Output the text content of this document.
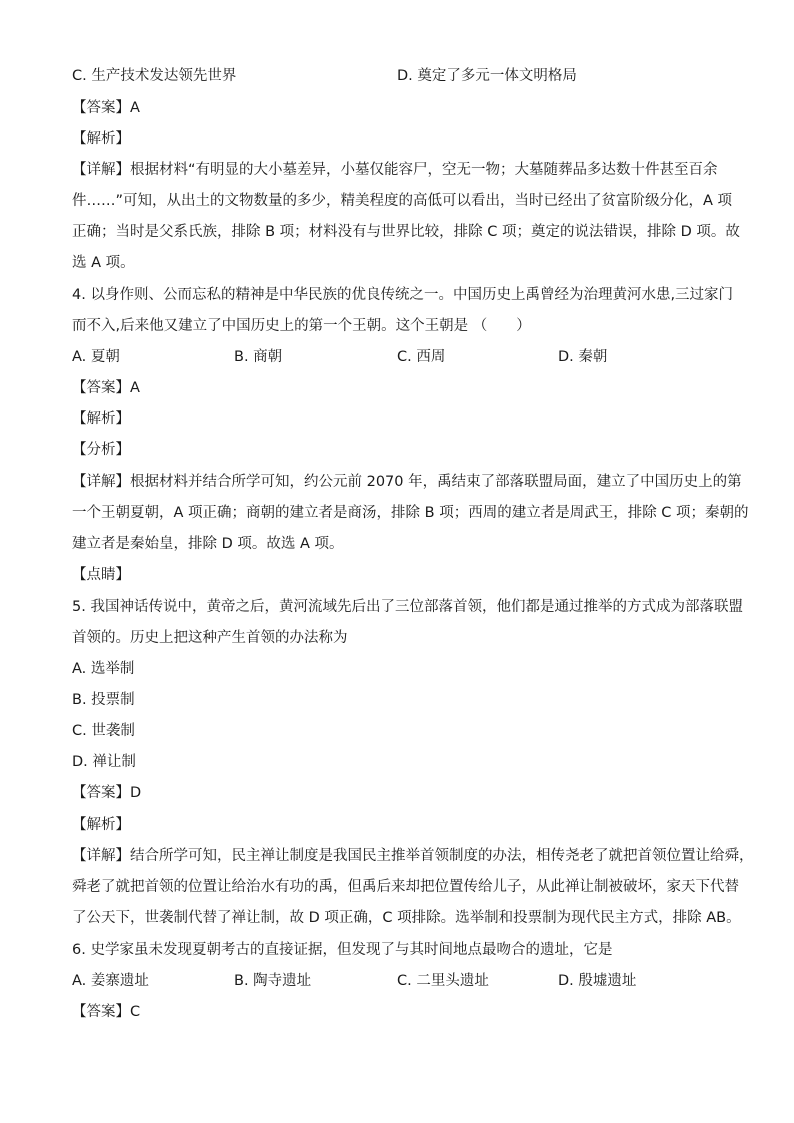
C. 生产技术发达领先世界	D. 奠定了多元一体文明格局
【答案】A
【解析】
【详解】根据材料“有明显的大小墓差异，小墓仅能容尸，空无一物；大墓随葬品多达数十件甚至百余
件……”可知，从出土的文物数量的多少，精美程度的高低可以看出，当时已经出了贫富阶级分化，A 项
正确；当时是父系氏族，排除 B 项；材料没有与世界比较，排除 C 项；奠定的说法错误，排除 D 项。故
选 A 项。
4. 以身作则、公而忘私的精神是中华民族的优良传统之一。中国历史上禹曾经为治理黄河水患,三过家门
而不入,后来他又建立了中国历史上的第一个王朝。这个王朝是 （　　）
A. 夏朝	B. 商朝	C. 西周	D. 秦朝
【答案】A
【解析】
【分析】
【详解】根据材料并结合所学可知，约公元前 2070 年，禹结束了部落联盟局面，建立了中国历史上的第
一个王朝夏朝，A 项正确；商朝的建立者是商汤，排除 B 项；西周的建立者是周武王，排除 C 项；秦朝的
建立者是秦始皇，排除 D 项。故选 A 项。
【点睛】
5. 我国神话传说中，黄帝之后，黄河流域先后出了三位部落首领，他们都是通过推举的方式成为部落联盟
首领的。历史上把这种产生首领的办法称为
A. 选举制
B. 投票制
C. 世袭制
D. 禅让制
【答案】D
【解析】
【详解】结合所学可知，民主禅让制度是我国民主推举首领制度的办法，相传尧老了就把首领位置让给舜，
舜老了就把首领的位置让给治水有功的禹，但禹后来却把位置传给儿子，从此禅让制被破坏，家天下代替
了公天下，世袭制代替了禅让制，故 D 项正确，C 项排除。选举制和投票制为现代民主方式，排除 AB。
6. 史学家虽未发现夏朝考古的直接证据，但发现了与其时间地点最吻合的遗址，它是
A. 姜寨遗址	B. 陶寺遗址	C. 二里头遗址	D. 殷墟遗址
【答案】C
